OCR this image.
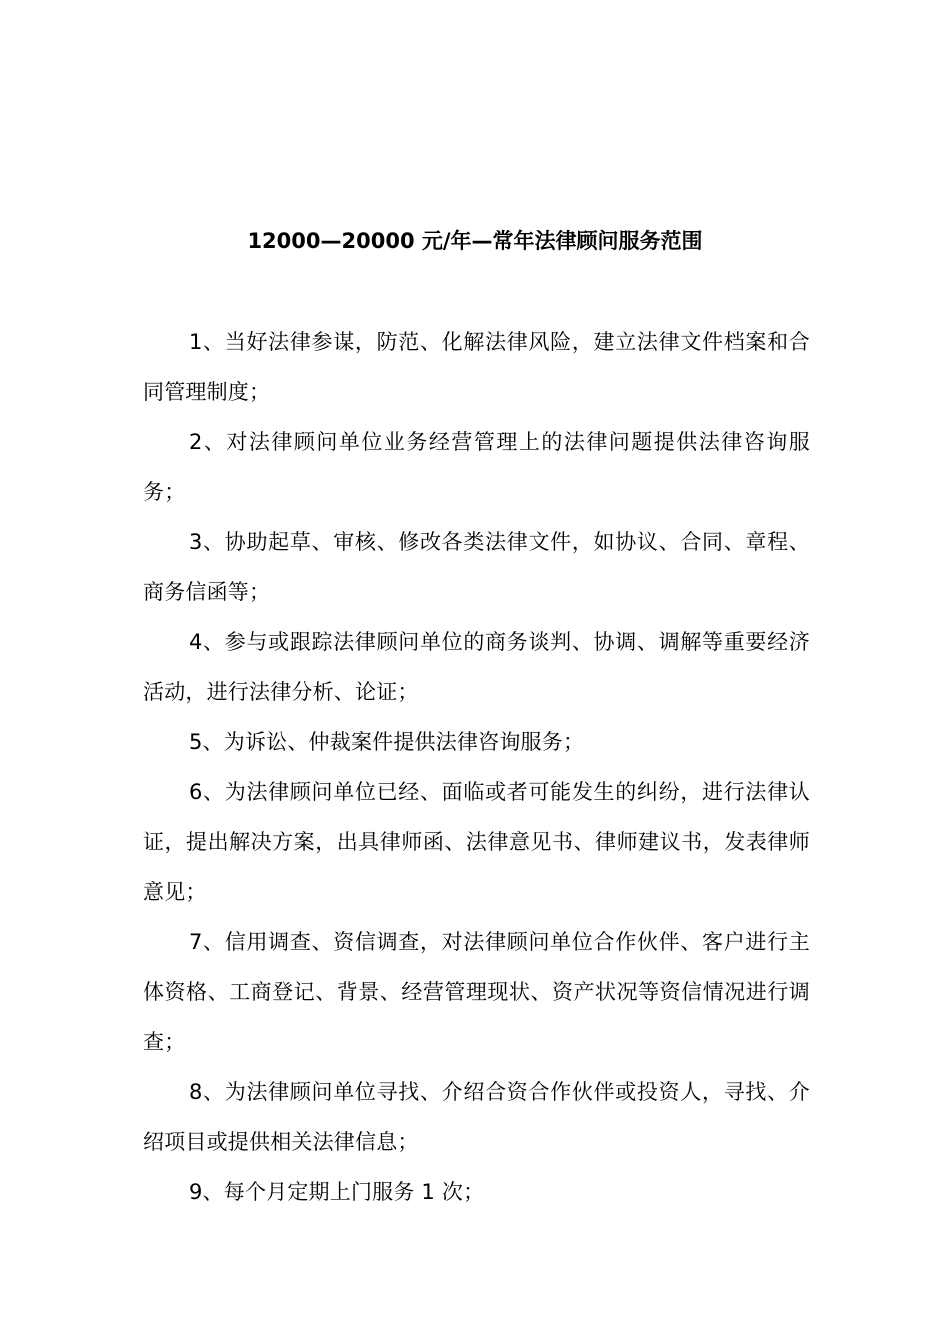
12000—20000 元/年—常年法律顾问服务范围

1、当好法律参谋，防范、化解法律风险，建立法律文件档案和合同管理制度；

2、对法律顾问单位业务经营管理上的法律问题提供法律咨询服务；

3、协助起草、审核、修改各类法律文件，如协议、合同、章程、商务信函等；

4、参与或跟踪法律顾问单位的商务谈判、协调、调解等重要经济活动，进行法律分析、论证；

5、为诉讼、仲裁案件提供法律咨询服务；

6、为法律顾问单位已经、面临或者可能发生的纠纷，进行法律认证，提出解决方案，出具律师函、法律意见书、律师建议书，发表律师意见；

7、信用调查、资信调查，对法律顾问单位合作伙伴、客户进行主体资格、工商登记、背景、经营管理现状、资产状况等资信情况进行调查；

8、为法律顾问单位寻找、介绍合资合作伙伴或投资人，寻找、介绍项目或提供相关法律信息；

9、每个月定期上门服务 1 次；
